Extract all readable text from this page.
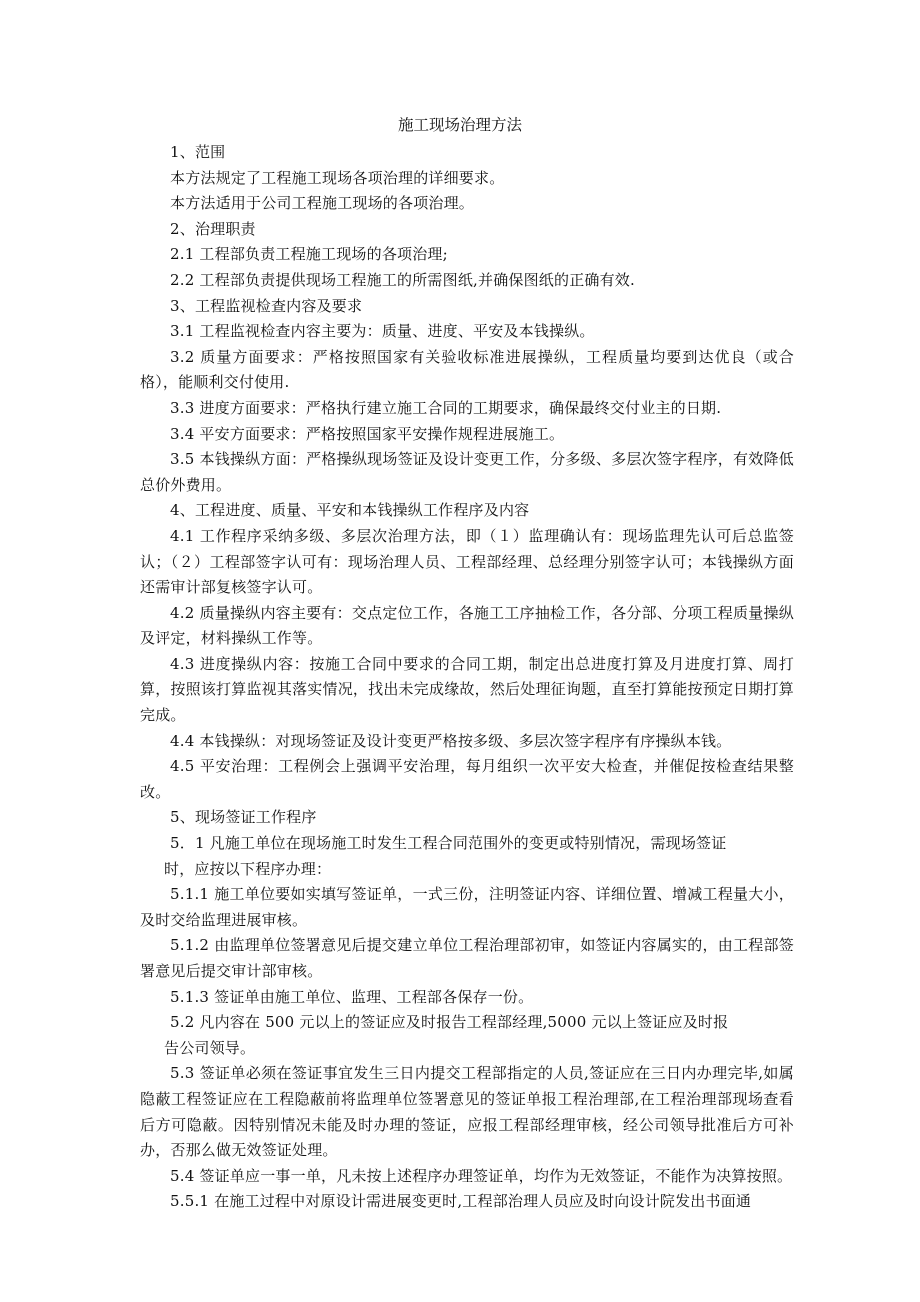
施工现场治理方法

1、范围

本方法规定了工程施工现场各项治理的详细要求。

本方法适用于公司工程施工现场的各项治理。

2、治理职责

2.1 工程部负责工程施工现场的各项治理;

2.2 工程部负责提供现场工程施工的所需图纸,并确保图纸的正确有效.

3、工程监视检查内容及要求

3.1 工程监视检查内容主要为：质量、进度、平安及本钱操纵。

3.2 质量方面要求：严格按照国家有关验收标准进展操纵，工程质量均要到达优良（或合格），能顺利交付使用.

3.3 进度方面要求：严格执行建立施工合同的工期要求，确保最终交付业主的日期.

3.4 平安方面要求：严格按照国家平安操作规程进展施工。

3.5 本钱操纵方面：严格操纵现场签证及设计变更工作，分多级、多层次签字程序，有效降低总价外费用。

4、工程进度、质量、平安和本钱操纵工作程序及内容

4.1 工作程序采纳多级、多层次治理方法，即（１）监理确认有：现场监理先认可后总监签认；（２）工程部签字认可有：现场治理人员、工程部经理、总经理分别签字认可；本钱操纵方面还需审计部复核签字认可。

4.2 质量操纵内容主要有：交点定位工作，各施工工序抽检工作，各分部、分项工程质量操纵及评定，材料操纵工作等。

4.3 进度操纵内容：按施工合同中要求的合同工期，制定出总进度打算及月进度打算、周打算，按照该打算监视其落实情况，找出未完成缘故，然后处理征询题，直至打算能按预定日期打算完成。

4.4 本钱操纵：对现场签证及设计变更严格按多级、多层次签字程序有序操纵本钱。

4.5 平安治理：工程例会上强调平安治理，每月组织一次平安大检查，并催促按检查结果整改。

5、现场签证工作程序

5．1 凡施工单位在现场施工时发生工程合同范围外的变更或特别情况，需现场签证

时，应按以下程序办理：

5.1.1 施工单位要如实填写签证单，一式三份，注明签证内容、详细位置、增减工程量大小，及时交给监理进展审核。

5.1.2 由监理单位签署意见后提交建立单位工程治理部初审，如签证内容属实的，由工程部签署意见后提交审计部审核。

5.1.3 签证单由施工单位、监理、工程部各保存一份。

5.2 凡内容在 500 元以上的签证应及时报告工程部经理,5000 元以上签证应及时报

告公司领导。

5.3 签证单必须在签证事宜发生三日内提交工程部指定的人员,签证应在三日内办理完毕,如属隐蔽工程签证应在工程隐蔽前将监理单位签署意见的签证单报工程治理部,在工程治理部现场查看后方可隐蔽。因特别情况未能及时办理的签证，应报工程部经理审核，经公司领导批准后方可补办，否那么做无效签证处理。

5.4 签证单应一事一单，凡未按上述程序办理签证单，均作为无效签证，不能作为决算按照。

5.5.1 在施工过程中对原设计需进展变更时,工程部治理人员应及时向设计院发出书面通
